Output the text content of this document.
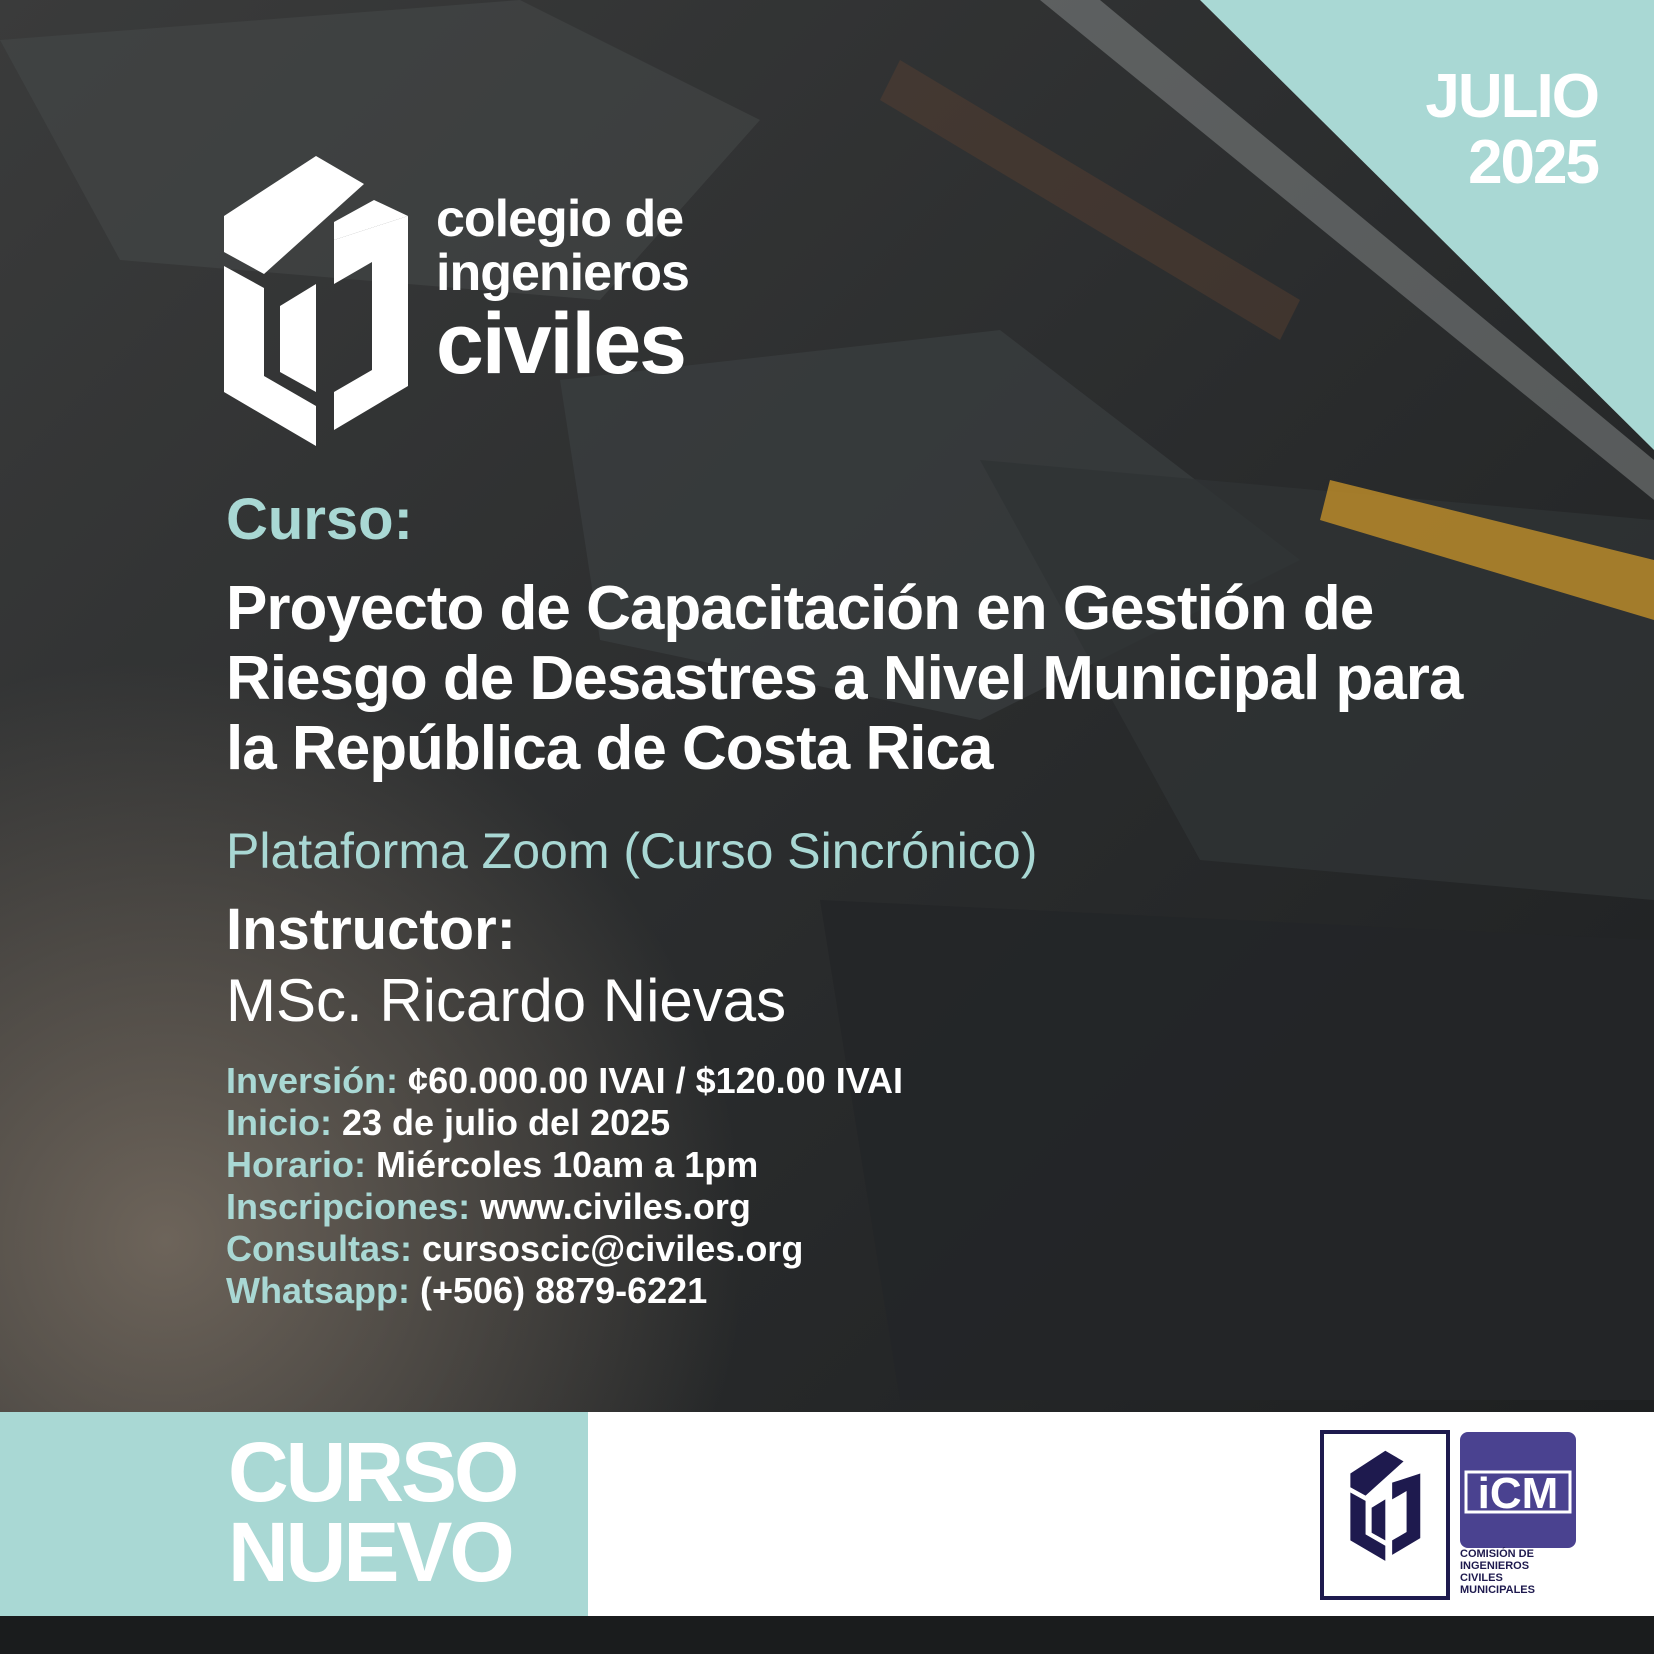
JULIO
2025
colegio de
ingenieros
civiles
Curso:
Proyecto de Capacitación en Gestión de Riesgo de Desastres a Nivel Municipal para la República de Costa Rica
Plataforma Zoom (Curso Sincrónico)
Instructor:
MSc. Ricardo Nievas
Inversión: ¢60.000.00 IVAI / $120.00 IVAI
Inicio: 23 de julio del 2025
Horario: Miércoles 10am a 1pm
Inscripciones: www.civiles.org
Consultas: cursoscic@civiles.org
Whatsapp: (+506) 8879-6221
CURSO
NUEVO
iCM
COMISIÓN DE
INGENIEROS
CIVILES
MUNICIPALES
